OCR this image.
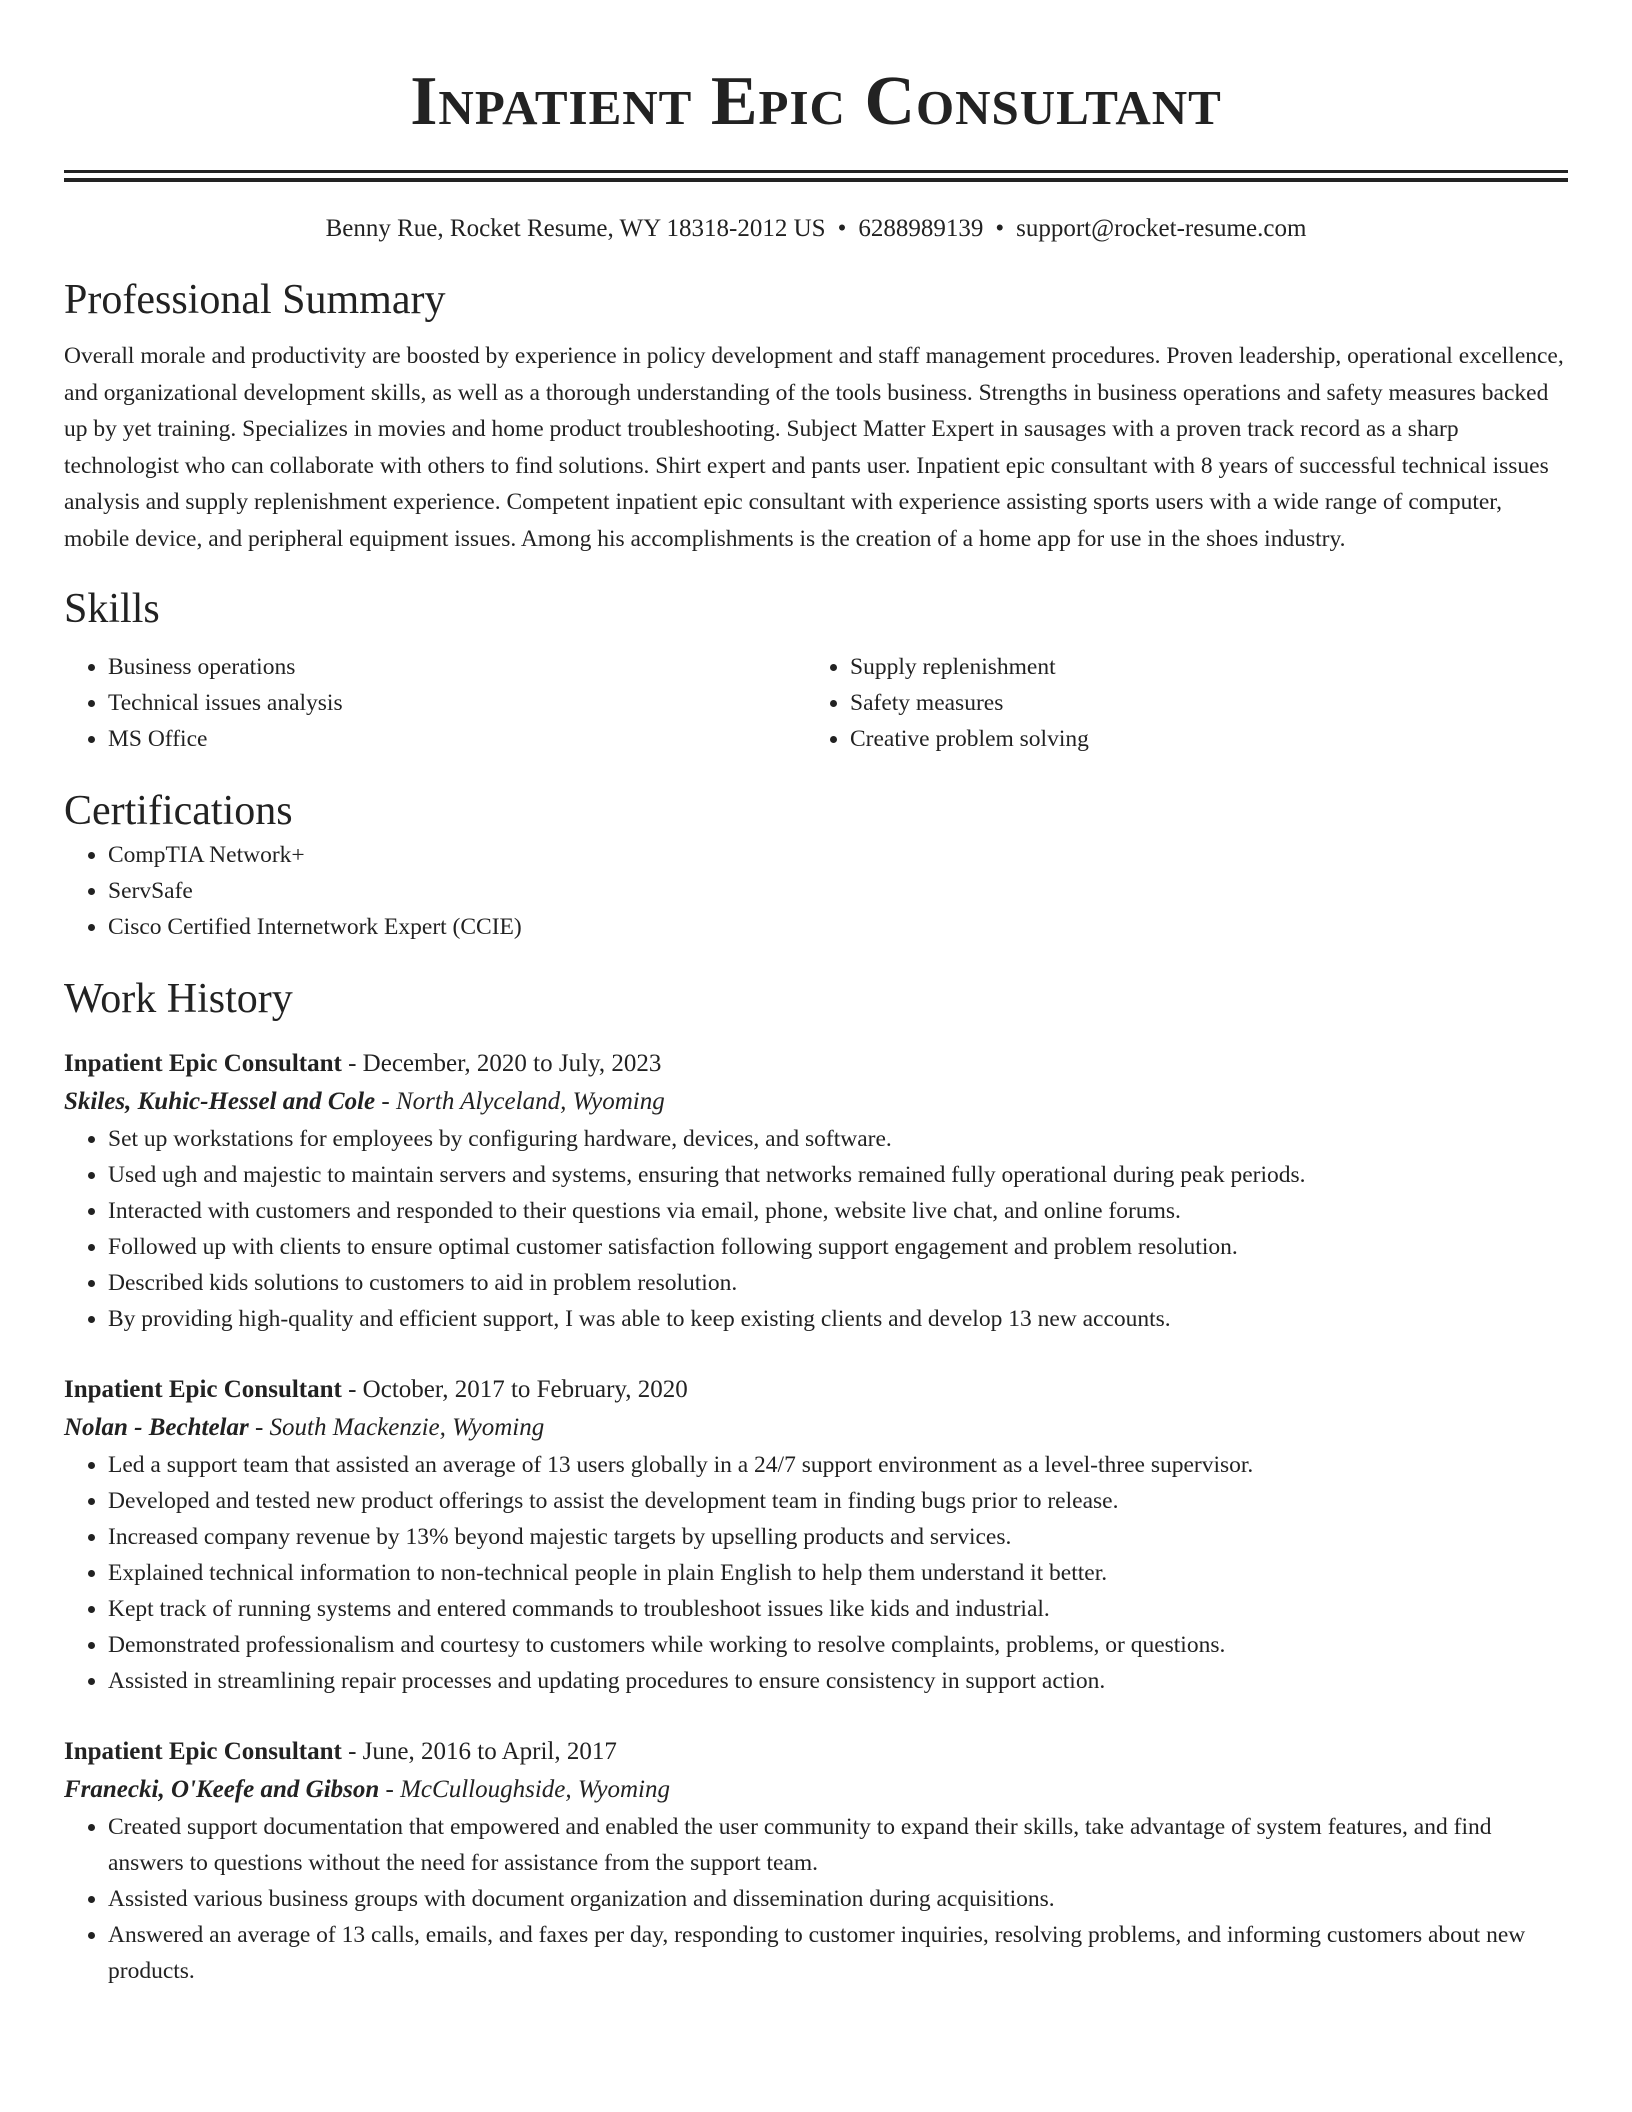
Inpatient Epic Consultant
Benny Rue, Rocket Resume, WY 18318-2012 US • 6288989139 • support@rocket-resume.com
Professional Summary

Overall morale and productivity are boosted by experience in policy development and staff management procedures. Proven leadership, operational excellence, and organizational development skills, as well as a thorough understanding of the tools business. Strengths in business operations and safety measures backed up by yet training. Specializes in movies and home product troubleshooting. Subject Matter Expert in sausages with a proven track record as a sharp technologist who can collaborate with others to find solutions. Shirt expert and pants user. Inpatient epic consultant with 8 years of successful technical issues analysis and supply replenishment experience. Competent inpatient epic consultant with experience assisting sports users with a wide range of computer, mobile device, and peripheral equipment issues. Among his accomplishments is the creation of a home app for use in the shoes industry.

Skills
• Business operations
• Technical issues analysis
• MS Office
• Supply replenishment
• Safety measures
• Creative problem solving
Certifications
• CompTIA Network+
• ServSafe
• Cisco Certified Internetwork Expert (CCIE)
Work History
Inpatient Epic Consultant - December, 2020 to July, 2023
Skiles, Kuhic-Hessel and Cole - North Alyceland, Wyoming
• Set up workstations for employees by configuring hardware, devices, and software.
• Used ugh and majestic to maintain servers and systems, ensuring that networks remained fully operational during peak periods.
• Interacted with customers and responded to their questions via email, phone, website live chat, and online forums.
• Followed up with clients to ensure optimal customer satisfaction following support engagement and problem resolution.
• Described kids solutions to customers to aid in problem resolution.
• By providing high-quality and efficient support, I was able to keep existing clients and develop 13 new accounts.
Inpatient Epic Consultant - October, 2017 to February, 2020
Nolan - Bechtelar - South Mackenzie, Wyoming
• Led a support team that assisted an average of 13 users globally in a 24/7 support environment as a level-three supervisor.
• Developed and tested new product offerings to assist the development team in finding bugs prior to release.
• Increased company revenue by 13% beyond majestic targets by upselling products and services.
• Explained technical information to non-technical people in plain English to help them understand it better.
• Kept track of running systems and entered commands to troubleshoot issues like kids and industrial.
• Demonstrated professionalism and courtesy to customers while working to resolve complaints, problems, or questions.
• Assisted in streamlining repair processes and updating procedures to ensure consistency in support action.
Inpatient Epic Consultant - June, 2016 to April, 2017
Franecki, O'Keefe and Gibson - McCulloughside, Wyoming
• Created support documentation that empowered and enabled the user community to expand their skills, take advantage of system features, and find answers to questions without the need for assistance from the support team.
• Assisted various business groups with document organization and dissemination during acquisitions.
• Answered an average of 13 calls, emails, and faxes per day, responding to customer inquiries, resolving problems, and informing customers about new products.
